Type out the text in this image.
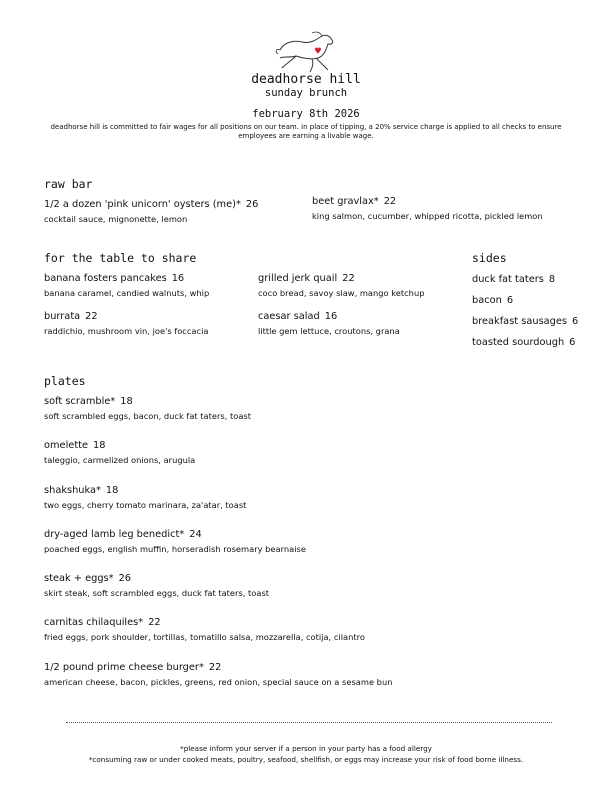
deadhorse hill
sunday brunch
february 8th 2026
deadhorse hill is committed to fair wages for all positions on our team. in place of tipping, a 20% service charge is applied to all checks to ensure employees are earning a livable wage.
raw bar
1/2 a dozen 'pink unicorn' oysters (me)* 26
cocktail sauce, mignonette, lemon
beet gravlax* 22
king salmon, cucumber, whipped ricotta, pickled lemon
for the table to share
banana fosters pancakes 16
banana caramel, candied walnuts, whip
grilled jerk quail 22
coco bread, savoy slaw, mango ketchup
burrata 22
raddichio, mushroom vin, joe's foccacia
caesar salad 16
little gem lettuce, croutons, grana
sides
duck fat taters 8
bacon 6
breakfast sausages 6
toasted sourdough 6
plates
soft scramble* 18
soft scrambled eggs, bacon, duck fat taters, toast
omelette 18
taleggio, carmelized onions, arugula
shakshuka* 18
two eggs, cherry tomato marinara, za'atar, toast
dry-aged lamb leg benedict* 24
poached eggs, english muffin, horseradish rosemary bearnaise
steak + eggs* 26
skirt steak, soft scrambled eggs, duck fat taters, toast
carnitas chilaquiles* 22
fried eggs, pork shoulder, tortillas, tomatillo salsa, mozzarella, cotija, cilantro
1/2 pound prime cheese burger* 22
american cheese, bacon, pickles, greens, red onion, special sauce on a sesame bun
*please inform your server if a person in your party has a food allergy
*consuming raw or under cooked meats, poultry, seafood, shellfish, or eggs may increase your risk of food borne illness.
